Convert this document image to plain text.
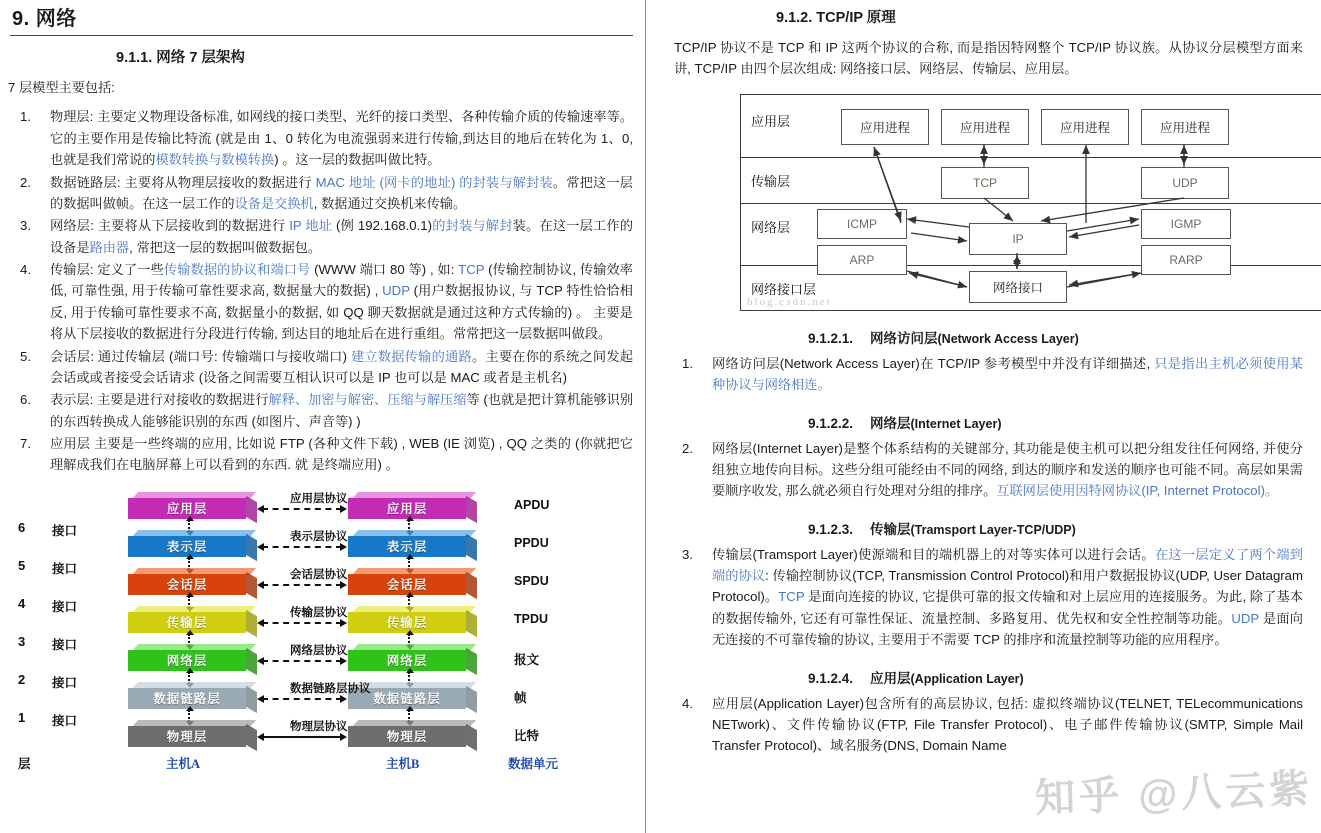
9. 网络
9.1.1. 网络 7 层架构

7 层模型主要包括:

1.	物理层: 主要定义物理设备标准, 如网线的接口类型、光纤的接口类型、各种传输介质的传输速率等。它的主要作用是传输比特流 (就是由 1、0 转化为电流强弱来进行传输,到达目的地后在转化为 1、0, 也就是我们常说的模数转换与数模转换) 。这一层的数据叫做比特。
2.	数据链路层: 主要将从物理层接收的数据进行 MAC 地址 (网卡的地址) 的封装与解封装。常把这一层的数据叫做帧。在这一层工作的设备是交换机, 数据通过交换机来传输。
3.	网络层: 主要将从下层接收到的数据进行 IP 地址 (例 192.168.0.1)的封装与解封装。在这一层工作的设备是路由器, 常把这一层的数据叫做数据包。
4.	传输层: 定义了一些传输数据的协议和端口号 (WWW 端口 80 等) , 如: TCP (传输控制协议, 传输效率低, 可靠性强, 用于传输可靠性要求高, 数据量大的数据) , UDP (用户数据报协议, 与 TCP 特性恰恰相反, 用于传输可靠性要求不高, 数据量小的数据, 如 QQ 聊天数据就是通过这种方式传输的) 。 主要是将从下层接收的数据进行分段进行传输, 到达目的地址后在进行重组。常常把这一层数据叫做段。
5.	会话层: 通过传输层 (端口号: 传输端口与接收端口) 建立数据传输的通路。主要在你的系统之间发起会话或或者接受会话请求 (设备之间需要互相认识可以是 IP 也可以是 MAC 或者是主机名)
6.	表示层: 主要是进行对接收的数据进行解释、加密与解密、压缩与解压缩等 (也就是把计算机能够识别的东西转换成人能够能识别的东西 (如图片、声音等) )
7.	应用层 主要是一些终端的应用, 比如说 FTP (各种文件下载) , WEB (IE 浏览) , QQ 之类的 (你就把它理解成我们在电脑屏幕上可以看到的东西. 就 是终端应用) 。
应用层	应用层
应用层协议	APDU
表示层	表示层
表示层协议	PPDU
会话层	会话层
会话层协议	SPDU
传输层	传输层
传输层协议	TPDU
网络层	网络层
网络层协议
报文
数据链路层	数据链路层
数据链路层协议
帧
物理层	物理层
物理层协议
比特
6 接口
5 接口
4 接口
3 接口
2 接口
1 接口
层	主机A	主机B	数据单元
9.1.2. TCP/IP 原理

TCP/IP 协议不是 TCP 和 IP 这两个协议的合称, 而是指因特网整个 TCP/IP 协议族。从协议分层模型方面来讲, TCP/IP 由四个层次组成: 网络接口层、网络层、传输层、应用层。

应用层
传输层
网络层
网络接口层
应用进程	应用进程	应用进程	应用进程
TCP	UDP
ICMP	IGMP
ARP	RARP
IP
网络接口
blog.csdn.net
9.1.2.1. 网络访问层(Network Access Layer)
1.	网络访问层(Network Access Layer)在 TCP/IP 参考模型中并没有详细描述, 只是指出主机必须使用某种协议与网络相连。
9.1.2.2. 网络层(Internet Layer)
2.	网络层(Internet Layer)是整个体系结构的关键部分, 其功能是使主机可以把分组发往任何网络, 并使分组独立地传向目标。这些分组可能经由不同的网络, 到达的顺序和发送的顺序也可能不同。高层如果需要顺序收发, 那么就必须自行处理对分组的排序。互联网层使用因特网协议(IP, Internet Protocol)。
9.1.2.3. 传输层(Tramsport Layer-TCP/UDP)
3.	传输层(Tramsport Layer)使源端和目的端机器上的对等实体可以进行会话。在这一层定义了两个端到端的协议: 传输控制协议(TCP, Transmission Control Protocol)和用户数据报协议(UDP, User Datagram Protocol)。TCP 是面向连接的协议, 它提供可靠的报文传输和对上层应用的连接服务。为此, 除了基本的数据传输外, 它还有可靠性保证、流量控制、多路复用、优先权和安全性控制等功能。UDP 是面向无连接的不可靠传输的协议, 主要用于不需要 TCP 的排序和流量控制等功能的应用程序。
9.1.2.4. 应用层(Application Layer)
4.	应用层(Application Layer)包含所有的高层协议, 包括: 虚拟终端协议(TELNET, TELecommunications NETwork)、文件传输协议(FTP, File Transfer Protocol)、电子邮件传输协议(SMTP, Simple Mail Transfer Protocol)、域名服务(DNS, Domain Name
知乎 @八云紫
